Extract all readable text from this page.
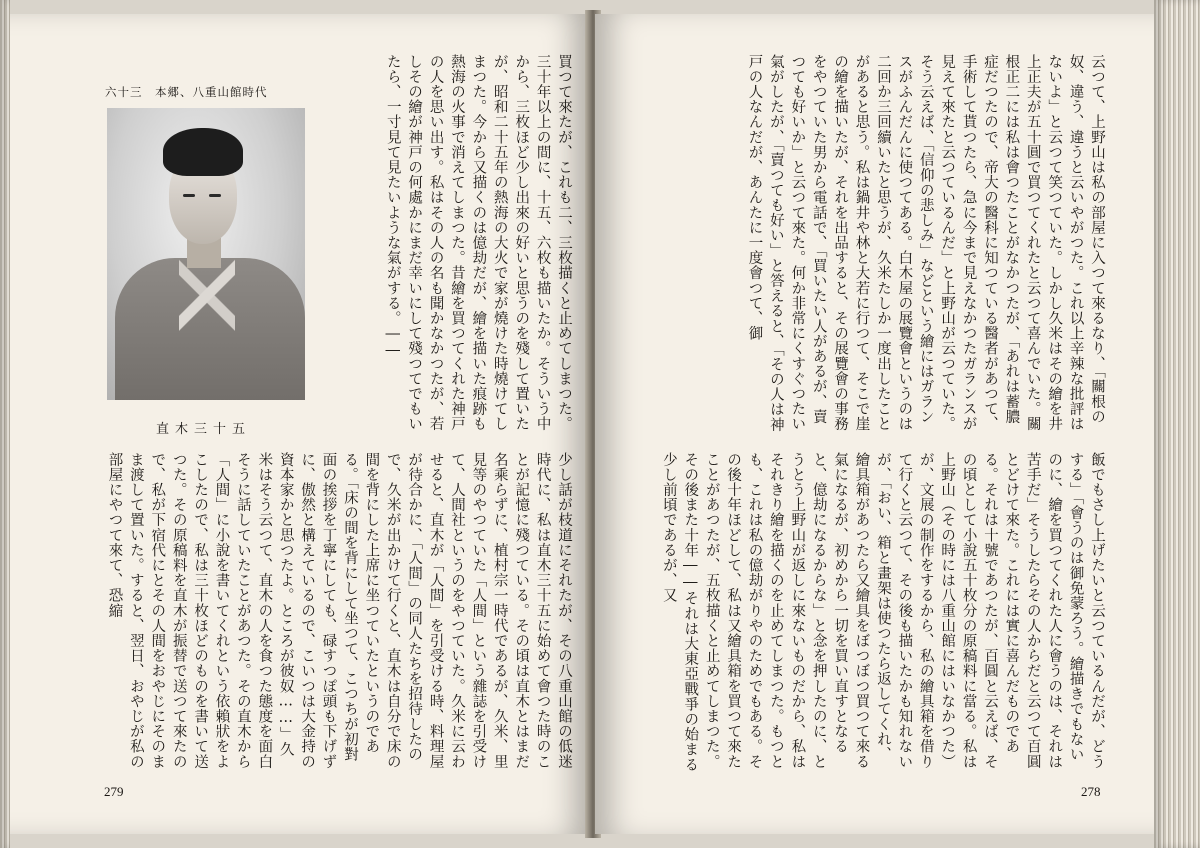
六十三　本郷、八重山館時代
直木三十五	買つて來たが、これも二、三枚描くと止めてしまつた。三十年以上の間に、十五、六枚も描いたか。そういう中から、三枚ほど少し出來の好いと思うのを殘して置いたが、昭和二十五年の熱海の大火で家が燒けた時燒けてしまつた。今から又描くのは億劫だが、繪を描いた痕跡も熱海の火事で消えてしまつた。昔繪を買つてくれた神戸の人を思い出す。私はその人の名も聞かなかつたが、若しその繪が神戸の何處かにまだ幸いにして殘つてでもいたら、一寸見て見たいような氣がする。――
少し話が枝道にそれたが、その八重山館の低迷時代に、私は直木三十五に始めて會つた時のことが記憶に殘つている。その頃は直木とはまだ名乘らずに、植村宗一時代であるが、久米、里見等のやつていた「人間」という雜誌を引受けて、人間社というのをやつていた。久米に云わせると、直木が「人間」を引受ける時、料理屋が待合かに、「人間」の同人たちを招待したので、久米が出かけて行くと、直木は自分で床の間を背にした上席に坐つていたというのである。「床の間を背にして坐つて、こつちが初對面の挨拶を丁寧にしても、碌すつぽ頭も下げずに、傲然と構えているので、こいつは大金持の資本家かと思つたよ。ところが彼奴……」久米はそう云つて、直木の人を食つた態度を面白そうに話していたことがあつた。その直木から「人間」に小說を書いてくれという依賴狀をよこしたので、私は三十枚ほどのものを書いて送つた。その原稿料を直木が振替で送つて來たので、私が下宿代にとその人間をおやじにそのまま渡して置いた。すると、翌日、おやじが私の部屋にやつて來て、恐縮
279
云つて、上野山は私の部屋に入つて來るなり、「關根の奴、違う、違うと云いやがつた。これ以上辛辣な批評はないよ」と云つて笑つていた。しかし久米はその繪を井上正夫が五十圓で買つてくれたと云つて喜んでいた。關根正二には私は會つたことがなかつたが、「あれは蓄膿症だつたので、帝大の醫科に知つている醫者があつて、手術して貰つたら、急に今まで見えなかつたガランスが見えて來たと云つているんだ」と上野山が云つていた。そう云えば、「信仰の悲しみ」などという繪にはガランスがふんだんに使つてある。白木屋の展覽會というのは二回か三回續いたと思うが、久米たしか一度出したことがあると思う。私は鍋井や林と大若に行つて、そこで崖の繪を描いたが、それを出品すると、その展覽會の事務をやつていた男から電話で、「買いたい人があるが、賣つても好いか」と云つて來た。何か非常にくすぐつたい氣がしたが、「賣つても好い」と答えると、「その人は神戸の人なんだが、あんたに一度會つて、御
飯でもさし上げたいと云つているんだが、どうする」「會うのは御免蒙ろう。繪描きでもないのに、繪を買つてくれた人に會うのは、それは苦手だ」そうしたらその人からだと云つて百圓とどけて來た。これには實に喜んだものである。それは十號であつたが、百圓と云えば、その頃として小說五十枚分の原稿料に當る。私は上野山（その時には八重山館にはいなかつた）が、文展の制作をするから、私の繪具箱を借りて行くと云つて、その後も描いたかも知れないが、「おい、箱と畫架は使つたら返してくれ、繪具箱があつたら又繪具をぼつぼつ買つて來る氣になるが、初めから一切を買い直すとなると、億劫になるからな」と念を押したのに、とうとう上野山が返しに來ないものだから、私はそれきり繪を描くのを止めてしまつた。もつとも、これは私の億劫がりやのためでもある。その後十年ほどして、私は又繪具箱を買つて來たことがあつたが、五枚描くと止めてしまつた。その後また十年――それは大東亞戰爭の始まる少し前頃であるが、又
278
